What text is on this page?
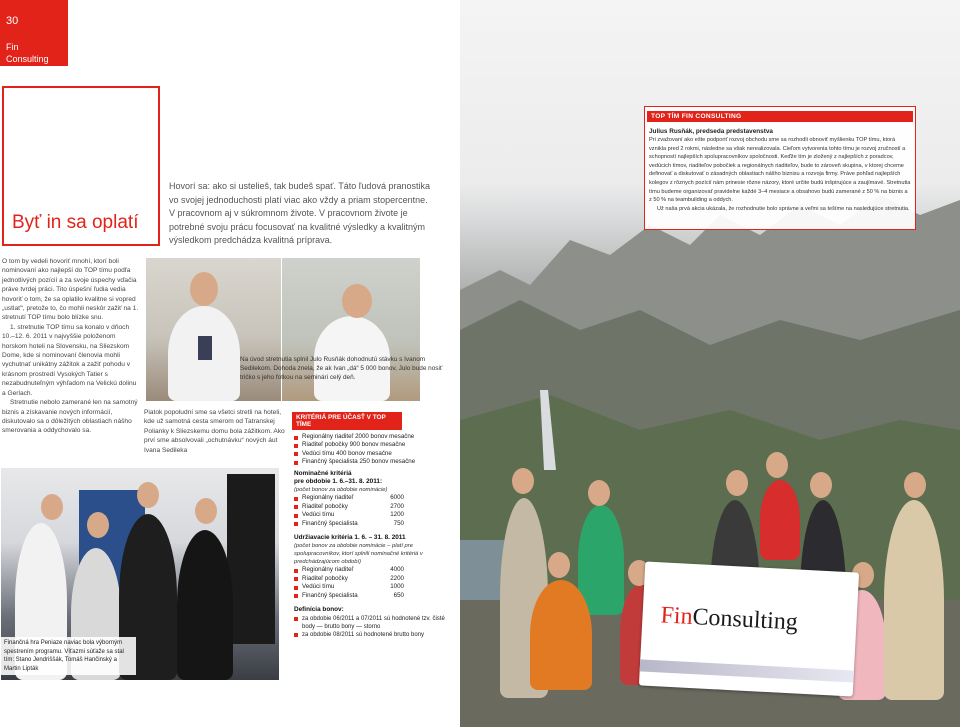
30
Fin
Consulting
Byť in sa oplatí

Hovorí sa: ako si ustelieš, tak budeš spať. Táto ľudová pranostika vo svojej jednoduchosti platí viac ako vždy a priam stopercentne. V pracovnom aj v súkromnom živote. V pracovnom živote je potrebné svoju prácu focusovať na kvalitné výsledky a kvalitným výsledkom predchádza kvalitná príprava.

O tom by vedeli hovoriť mnohí, ktorí boli nominovaní ako najlepší do TOP tímu podľa jednotlivých pozícií a za svoje úspechy vďačia práve tvrdej práci. Tito úspešní ľudia vedia hovoriť o tom, že sa oplatilo kvalitne si vopred „ustlať“, pretože to, čo mohli neskôr zažiť na 1. stretnutí TOP tímu bolo blízke snu.

1. stretnutie TOP tímu sa konalo v dňoch 10.–12. 6. 2011 v najvyššie položenom horskom hoteli na Slovensku, na Sliezskom Dome, kde si nominovaní členovia mohli vychutnať unikátny zážitok a zažiť pohodu v krásnom prostredí Vysokých Tatier s nezabudnuteľným výhľadom na Velickú dolinu a Gerlach.

Stretnutie nebolo zamerané len na samotný biznis a získavanie nových informácií, diskutovalo sa o dôležitých oblastiach nášho smerovania a oddychovalo sa.

Piatok popoludní sme sa všetci stretli na hoteli, kde už samotná cesta smerom od Tatranskej Polianky k Sliezskemu domu bola zážitkom. Ako prví sme absolvovali „ochutnávku“ nových áut Ivana Sedileka

Na úvod stretnutia splnil Julo Rusňák dohodnutú stávku s Ivanom Sedilekom. Dohoda znela, že ak Ivan „dá“ 5 000 bonov, Julo bude nosiť tričko s jeho fotkou na seminári celý deň.

Finančná hra Peniaze naviac bola výborným spestrením programu. Víťazmi súťaže sa stal tím: Stano Jendriššák, Tomáš Hančinský a Martin Lipták

FinConsulting
TOP TÍM FIN CONSULTING
Julius Rusňák, predseda predstavenstva

Pri zvažovaní ako ešte podporiť rozvoj obchodu sme sa rozhodli obnoviť myšlienku TOP tímu, ktorá vznikla pred 2 rokmi, následne sa však nerealizovala. Cieľom vytvorenia tohto tímu je rozvoj zručností a schopností najlepších spolupracovníkov spoločnosti. Keďže tím je zložený z najlepších z poradcov, vedúcich tímov, riaditeľov pobočiek a regionálnych riaditeľov, bude to zároveň skupina, v ktorej chceme definovať a diskutovať o zásadných oblastiach nášho biznisu a rozvoja firmy. Práve pohľad najlepších kolegov z rôznych pozícií nám prinesie rôzne názory, ktoré určite budú inšpirujúce a zaujímavé. Stretnutia tímu budeme organizovať pravidelne každé 3–4 mesiace a obsahovo budú zamerané z 50 % na biznis a z 50 % na teambuilding a oddych.

Už naša prvá akcia ukázala, že rozhodnutie bolo správne a veľmi sa tešíme na nasledujúce stretnutia.

KRITÉRIÁ PRE ÚČASŤ V TOP TÍME
Regionálny riaditeľ 2000 bonov mesačne
Riaditeľ pobočky 900 bonov mesačne
Vedúci tímu 400 bonov mesačne
Finančný špecialista 250 bonov mesačne
Nominačné kritériá
pre obdobie 1. 6.–31. 8. 2011:
(počet bonov za obdobie nominácie)
Regionálny riaditeľ	6000
Riaditeľ pobočky	2700
Vedúci tímu	1200
Finančný špecialista	750
Udržiavacie kritéria 1. 6. – 31. 8. 2011
(počet bonov za obdobie nominácie – platí pre spolupracovníkov, ktorí splnili nominačné kritériá v predchádzajúcom období)
Regionálny riaditeľ	4000
Riaditeľ pobočky	2200
Vedúci tímu	1000
Finančný špecialista	650
Definícia bonov:
za obdobie 06/2011 a 07/2011 sú hodnotené tzv. čisté body — brutto bony — storno
za obdobie 08/2011 sú hodnotené brutto bony
